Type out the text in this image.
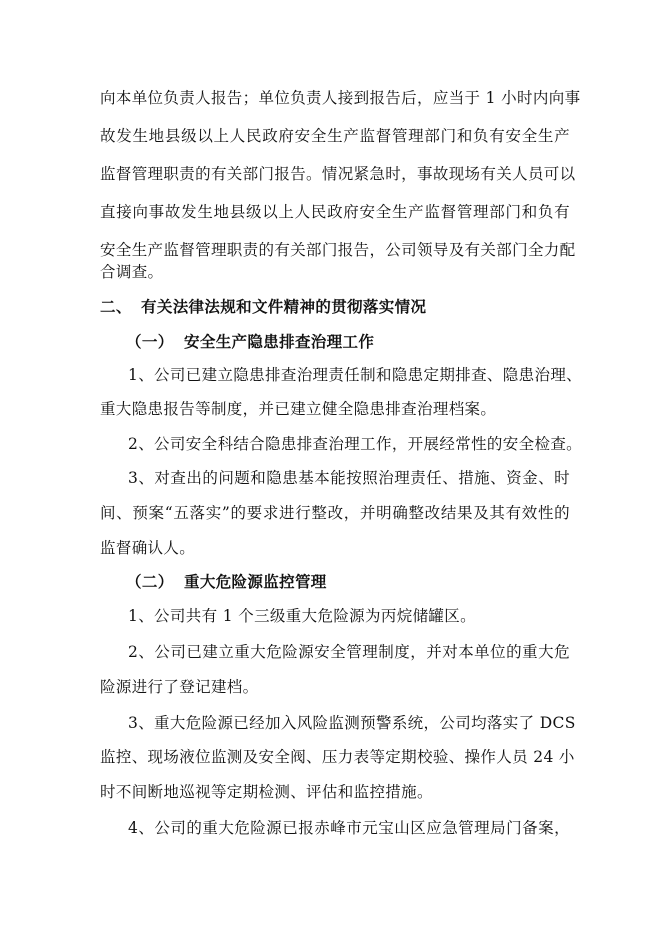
向本单位负责人报告；单位负责人接到报告后，应当于 1 小时内向事
故发生地县级以上人民政府安全生产监督管理部门和负有安全生产
监督管理职责的有关部门报告。情况紧急时，事故现场有关人员可以
直接向事故发生地县级以上人民政府安全生产监督管理部门和负有
安全生产监督管理职责的有关部门报告，公司领导及有关部门全力配
合调查。
二、 有关法律法规和文件精神的贯彻落实情况
（一） 安全生产隐患排查治理工作
1、公司已建立隐患排查治理责任制和隐患定期排查、隐患治理、
重大隐患报告等制度，并已建立健全隐患排查治理档案。
2、公司安全科结合隐患排查治理工作，开展经常性的安全检查。
3、对查出的问题和隐患基本能按照治理责任、措施、资金、时
间、预案“五落实”的要求进行整改，并明确整改结果及其有效性的
监督确认人。
（二） 重大危险源监控管理
1、公司共有 1 个三级重大危险源为丙烷储罐区。
2、公司已建立重大危险源安全管理制度，并对本单位的重大危
险源进行了登记建档。
3、重大危险源已经加入风险监测预警系统，公司均落实了 DCS
监控、现场液位监测及安全阀、压力表等定期校验、操作人员 24 小
时不间断地巡视等定期检测、评估和监控措施。
4、公司的重大危险源已报赤峰市元宝山区应急管理局门备案，
